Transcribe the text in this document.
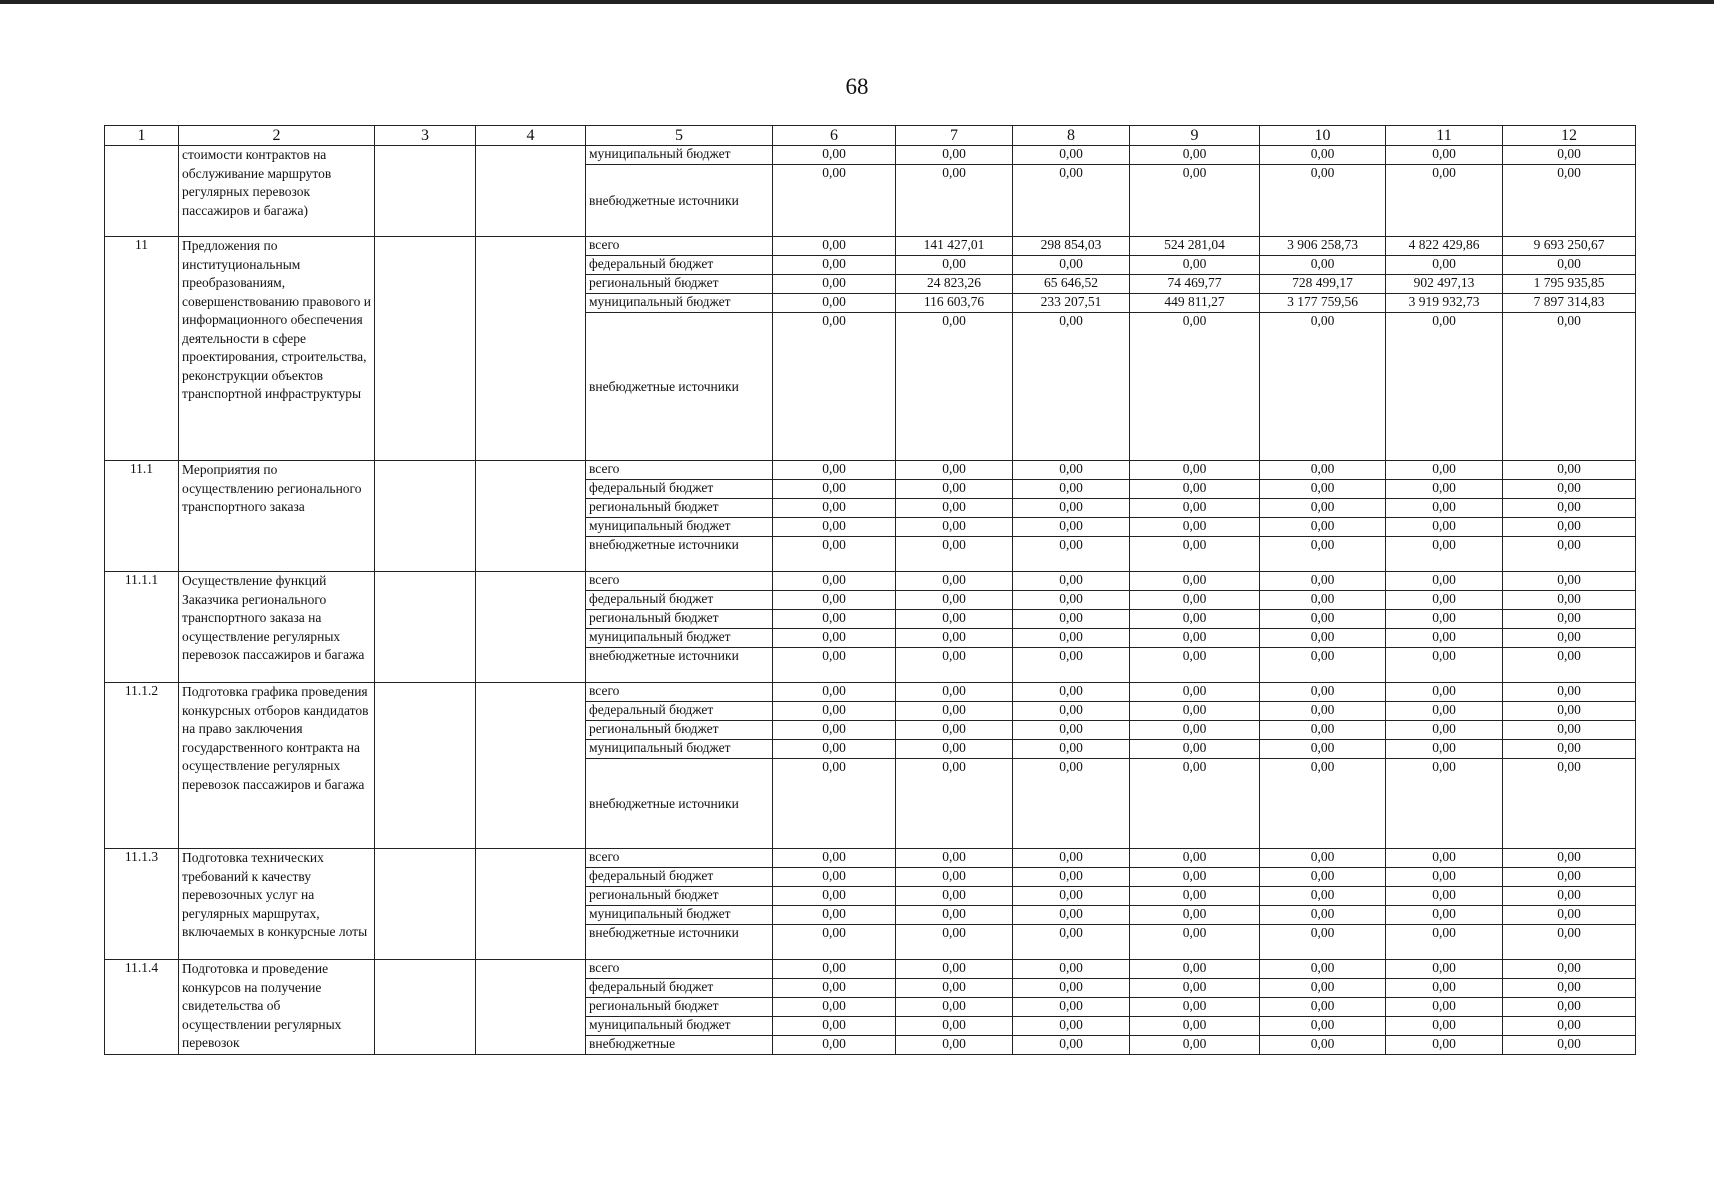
68
1	2	3	4	5	6	7	8	9	10	11	12
	стоимости контрактов на обслуживание маршрутов регулярных перевозок пассажиров и багажа)			муниципальный бюджет	0,00	0,00	0,00	0,00	0,00	0,00	0,00
				внебюджетные источники	0,00	0,00	0,00	0,00	0,00	0,00	0,00
11	Предложения по институциональным преобразованиям, совершенствованию правового и информационного обеспечения деятельности в сфере проектирования, строительства, реконструкции объектов транспортной инфраструктуры			всего	0,00	141 427,01	298 854,03	524 281,04	3 906 258,73	4 822 429,86	9 693 250,67
				федеральный бюджет	0,00	0,00	0,00	0,00	0,00	0,00	0,00
				региональный бюджет	0,00	24 823,26	65 646,52	74 469,77	728 499,17	902 497,13	1 795 935,85
				муниципальный бюджет	0,00	116 603,76	233 207,51	449 811,27	3 177 759,56	3 919 932,73	7 897 314,83
				внебюджетные источники	0,00	0,00	0,00	0,00	0,00	0,00	0,00
11.1	Мероприятия по осуществлению регионального транспортного заказа			всего	0,00	0,00	0,00	0,00	0,00	0,00	0,00
				федеральный бюджет	0,00	0,00	0,00	0,00	0,00	0,00	0,00
				региональный бюджет	0,00	0,00	0,00	0,00	0,00	0,00	0,00
				муниципальный бюджет	0,00	0,00	0,00	0,00	0,00	0,00	0,00
				внебюджетные источники	0,00	0,00	0,00	0,00	0,00	0,00	0,00
11.1.1	Осуществление функций Заказчика регионального транспортного заказа на осуществление регулярных перевозок пассажиров и багажа			всего	0,00	0,00	0,00	0,00	0,00	0,00	0,00
				федеральный бюджет	0,00	0,00	0,00	0,00	0,00	0,00	0,00
				региональный бюджет	0,00	0,00	0,00	0,00	0,00	0,00	0,00
				муниципальный бюджет	0,00	0,00	0,00	0,00	0,00	0,00	0,00
				внебюджетные источники	0,00	0,00	0,00	0,00	0,00	0,00	0,00
11.1.2	Подготовка графика проведения конкурсных отборов кандидатов на право заключения государственного контракта на осуществление регулярных перевозок пассажиров и багажа			всего	0,00	0,00	0,00	0,00	0,00	0,00	0,00
				федеральный бюджет	0,00	0,00	0,00	0,00	0,00	0,00	0,00
				региональный бюджет	0,00	0,00	0,00	0,00	0,00	0,00	0,00
				муниципальный бюджет	0,00	0,00	0,00	0,00	0,00	0,00	0,00
				внебюджетные источники	0,00	0,00	0,00	0,00	0,00	0,00	0,00
11.1.3	Подготовка технических требований к качеству перевозочных услуг на регулярных маршрутах, включаемых в конкурсные лоты			всего	0,00	0,00	0,00	0,00	0,00	0,00	0,00
				федеральный бюджет	0,00	0,00	0,00	0,00	0,00	0,00	0,00
				региональный бюджет	0,00	0,00	0,00	0,00	0,00	0,00	0,00
				муниципальный бюджет	0,00	0,00	0,00	0,00	0,00	0,00	0,00
				внебюджетные источники	0,00	0,00	0,00	0,00	0,00	0,00	0,00
11.1.4	Подготовка и проведение конкурсов на получение свидетельства об осуществлении регулярных перевозок			всего	0,00	0,00	0,00	0,00	0,00	0,00	0,00
				федеральный бюджет	0,00	0,00	0,00	0,00	0,00	0,00	0,00
				региональный бюджет	0,00	0,00	0,00	0,00	0,00	0,00	0,00
				муниципальный бюджет	0,00	0,00	0,00	0,00	0,00	0,00	0,00
				внебюджетные	0,00	0,00	0,00	0,00	0,00	0,00	0,00
